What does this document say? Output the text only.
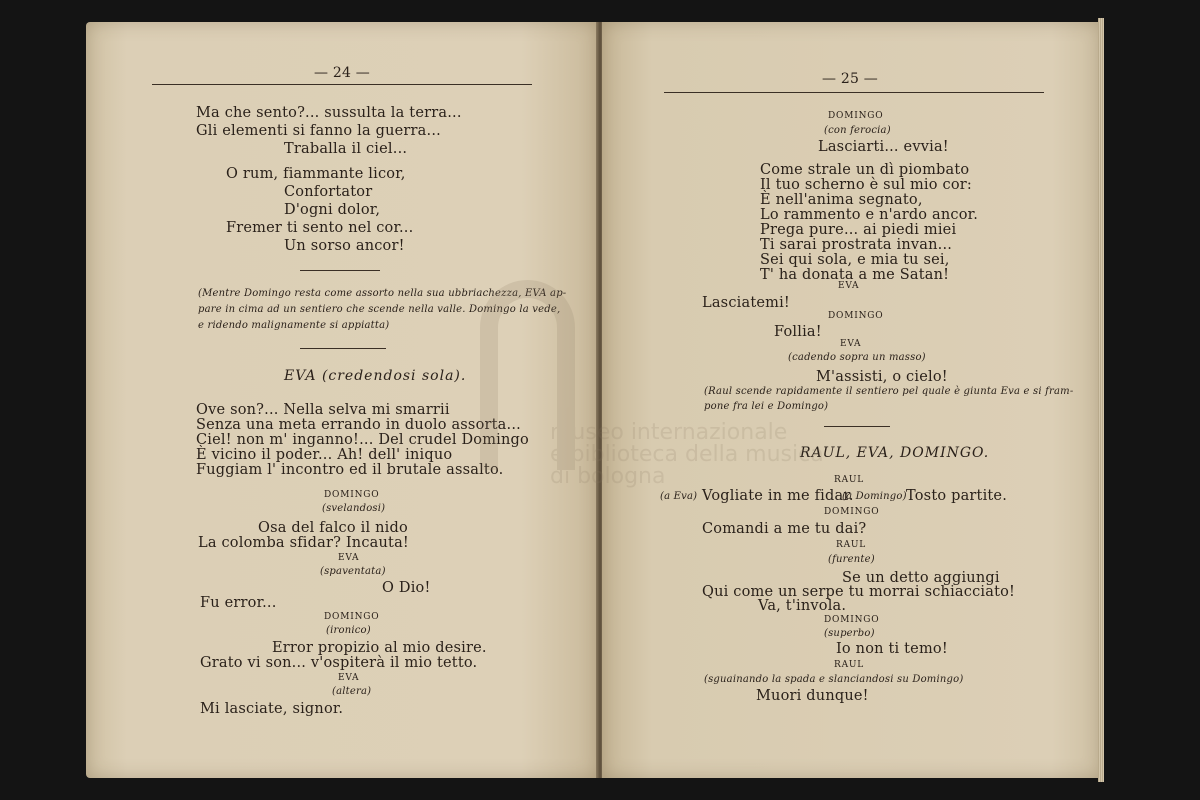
— 24 —
Ma che sento?... sussulta la terra...
Gli elementi si fanno la guerra...
Traballa il ciel...
O rum, fiammante licor,
Confortator
D'ogni dolor,
Fremer ti sento nel cor...
Un sorso ancor!
(Mentre Domingo resta come assorto nella sua ubbriachezza, EVA ap-
pare in cima ad un sentiero che scende nella valle. Domingo la vede,
e ridendo malignamente si appiatta)
EVA (credendosi sola).
Ove son?... Nella selva mi smarrii
Senza una meta errando in duolo assorta...
Ciel! non m' inganno!... Del crudel Domingo
È vicino il poder... Ah! dell' iniquo
Fuggiam l' incontro ed il brutale assalto.
DOMINGO
(svelandosi)
Osa del falco il nido
La colomba sfidar? Incauta!
EVA
(spaventata)
O Dio!
Fu error...
DOMINGO
(ironico)
Error propizio al mio desire.
Grato vi son... v'ospiterà il mio tetto.
EVA
(altera)
Mi lasciate, signor.
— 25 —
DOMINGO
(con ferocia)
Lasciarti... evvia!
Come strale un dì piombato
Il tuo scherno è sul mio cor:
È nell'anima segnato,
Lo rammento e n'ardo ancor.
Prega pure... ai piedi miei
Ti sarai prostrata invan...
Sei qui sola, e mia tu sei,
T' ha donata a me Satan!
EVA
Lasciatemi!
DOMINGO
Follia!
EVA
(cadendo sopra un masso)
M'assisti, o cielo!
(Raul scende rapidamente il sentiero pel quale è giunta Eva e si fram-
pone fra lei e Domingo)
RAUL, EVA, DOMINGO.
RAUL
(a Eva) Vogliate in me fidar.
(a Domingo) Tosto partite.
DOMINGO
Comandi a me tu dai?
RAUL
(furente)
Se un detto aggiungi
Qui come un serpe tu morrai schiacciato!
Va, t'invola.
DOMINGO
(superbo)
Io non ti temo!
RAUL
(sguainando la spada e slanciandosi su Domingo)
Muori dunque!
museo internazionale
e biblioteca della musica
di bologna
